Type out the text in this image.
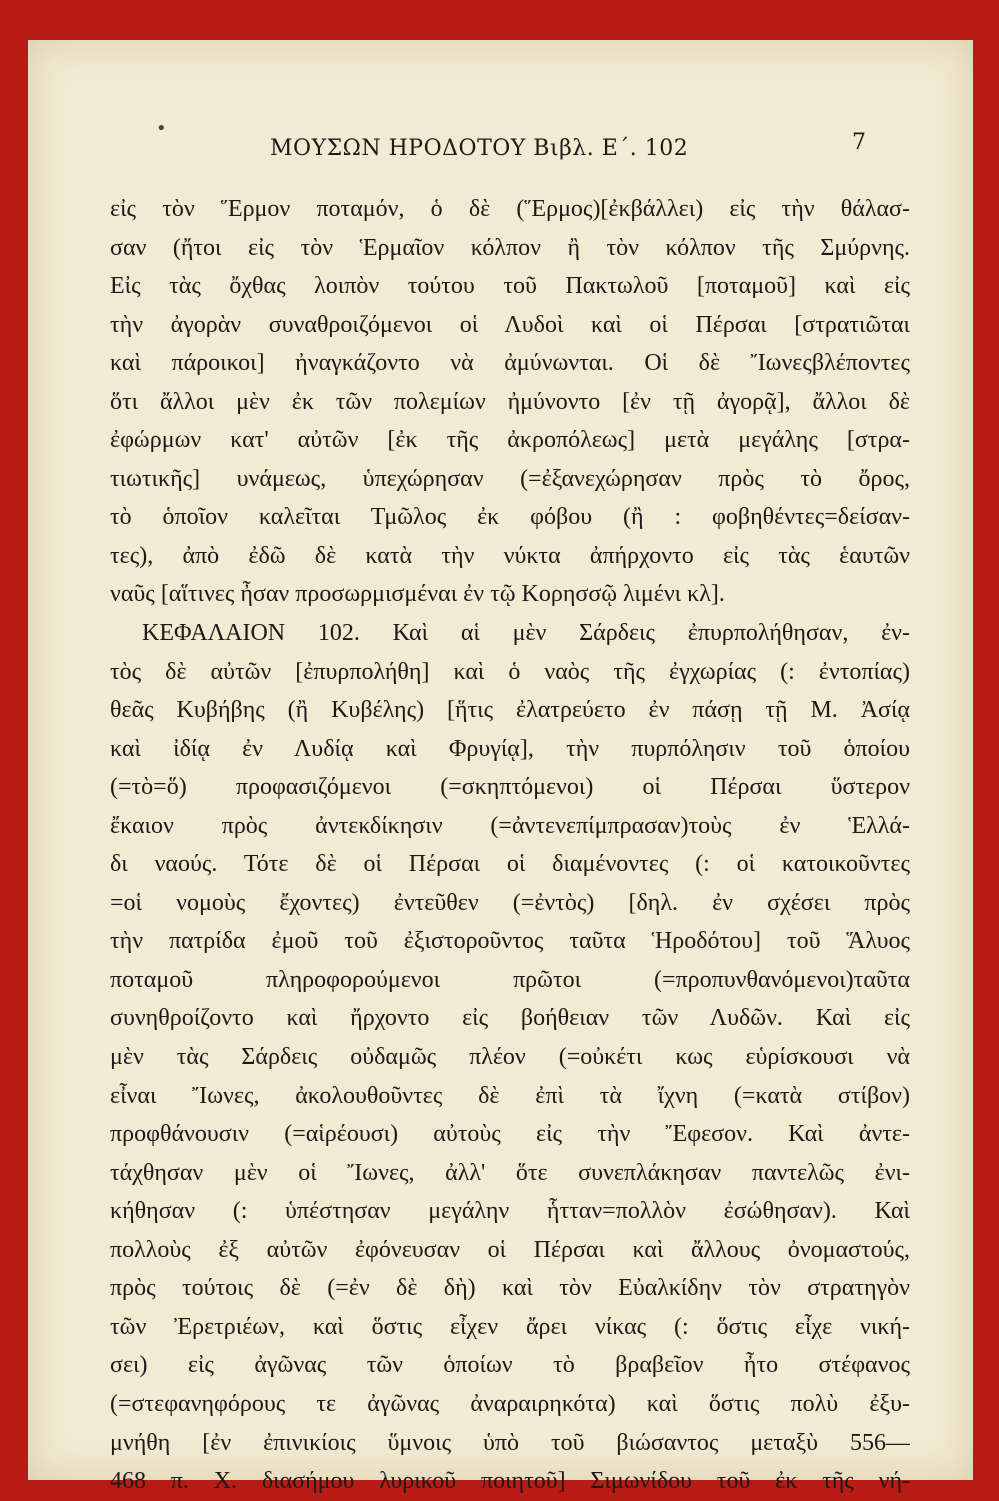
•
ΜΟΥΣΩΝ ΗΡΟΔΟΤΟΥ Βιβλ. Ε΄. 102	7
εἰς τὸν Ἕρμον ποταμόν, ὁ δὲ (Ἕρμος)[ἐκβάλλει) εἰς τὴν θάλασ-
σαν (ἤτοι εἰς τὸν Ἑρμαῖον κόλπον ἢ τὸν κόλπον τῆς Σμύρνης.
Εἰς τὰς ὄχθας λοιπὸν τούτου τοῦ Πακτωλοῦ [ποταμοῦ] καὶ εἰς
τὴν ἀγορὰν συναθροιζόμενοι οἱ Λυδοὶ καὶ οἱ Πέρσαι [στρατιῶται
καὶ πάροικοι] ἠναγκάζοντο νὰ ἀμύνωνται. Οἱ δὲ Ἴωνεςβλέποντες
ὅτι ἄλλοι μὲν ἐκ τῶν πολεμίων ἠμύνοντο [ἐν τῇ ἀγορᾷ], ἄλλοι δὲ
ἐφώρμων κατ' αὐτῶν [ἐκ τῆς ἀκροπόλεως] μετὰ μεγάλης [στρα-
τιωτικῆς] υνάμεως, ὑπεχώρησαν (=ἐξανεχώρησαν πρὸς τὸ ὄρος,
τὸ ὁποῖον καλεῖται Τμῶλος ἐκ φόβου (ἢ : φοβηθέντες=δείσαν-
τες), ἀπὸ ἐδῶ δὲ κατὰ τὴν νύκτα ἀπήρχοντο εἰς τὰς ἑαυτῶν
ναῦς [αἵτινες ἦσαν προσωρμισμέναι ἐν τῷ Κορησσῷ λιμένι κλ].
ΚΕΦΑΛΑΙΟΝ 102. Καὶ αἱ μὲν Σάρδεις ἐπυρπολήθησαν, ἐν-
τὸς δὲ αὐτῶν [ἐπυρπολήθη] καὶ ὁ ναὸς τῆς ἐγχωρίας (: ἐντοπίας)
θεᾶς Κυβήβης (ἢ Κυβέλης) [ἥτις ἐλατρεύετο ἐν πάσῃ τῇ Μ. Ἀσίᾳ
καὶ ἰδίᾳ ἐν Λυδίᾳ καὶ Φρυγίᾳ], τὴν πυρπόλησιν τοῦ ὁποίου
(=τὸ=ὅ) προφασιζόμενοι (=σκηπτόμενοι) οἱ Πέρσαι ὕστερον
ἔκαιον πρὸς ἀντεκδίκησιν (=ἀντενεπίμπρασαν)τοὺς ἐν Ἑλλά-
δι ναούς. Τότε δὲ οἱ Πέρσαι οἱ διαμένοντες (: οἱ κατοικοῦντες
=οἱ νομοὺς ἔχοντες) ἐντεῦθεν (=ἐντὸς) [δηλ. ἐν σχέσει πρὸς
τὴν πατρίδα ἐμοῦ τοῦ ἐξιστοροῦντος ταῦτα Ἡροδότου] τοῦ Ἅλυος
ποταμοῦ πληροφορούμενοι πρῶτοι (=προπυνθανόμενοι)ταῦτα
συνηθροίζοντο καὶ ἤρχοντο εἰς βοήθειαν τῶν Λυδῶν. Καὶ εἰς
μὲν τὰς Σάρδεις οὐδαμῶς πλέον (=οὐκέτι κως εὑρίσκουσι νὰ
εἶναι Ἴωνες, ἀκολουθοῦντες δὲ ἐπὶ τὰ ἴχνη (=κατὰ στίβον)
προφθάνουσιν (=αἱρέουσι) αὐτοὺς εἰς τὴν Ἔφεσον. Καὶ ἀντε-
τάχθησαν μὲν οἱ Ἴωνες, ἀλλ' ὅτε συνεπλάκησαν παντελῶς ἐνι-
κήθησαν (: ὑπέστησαν μεγάλην ἧτταν=πολλὸν ἐσώθησαν). Καὶ
πολλοὺς ἐξ αὐτῶν ἐφόνευσαν οἱ Πέρσαι καὶ ἄλλους ὀνομαστούς,
πρὸς τούτοις δὲ (=ἐν δὲ δὴ) καὶ τὸν Εὐαλκίδην τὸν στρατηγὸν
τῶν Ἐρετριέων, καὶ ὅστις εἶχεν ἄρει νίκας (: ὅστις εἶχε νική-
σει) εἰς ἀγῶνας τῶν ὁποίων τὸ βραβεῖον ἦτο στέφανος
(=στεφανηφόρους τε ἀγῶνας ἀναραιρηκότα) καὶ ὅστις πολὺ ἐξυ-
μνήθη [ἐν ἐπινικίοις ὕμνοις ὑπὸ τοῦ βιώσαντος μεταξὺ 556—
468 π. Χ. διασήμου λυρικοῦ ποιητοῦ] Σιμωνίδου τοῦ ἐκ τῆς νή-
